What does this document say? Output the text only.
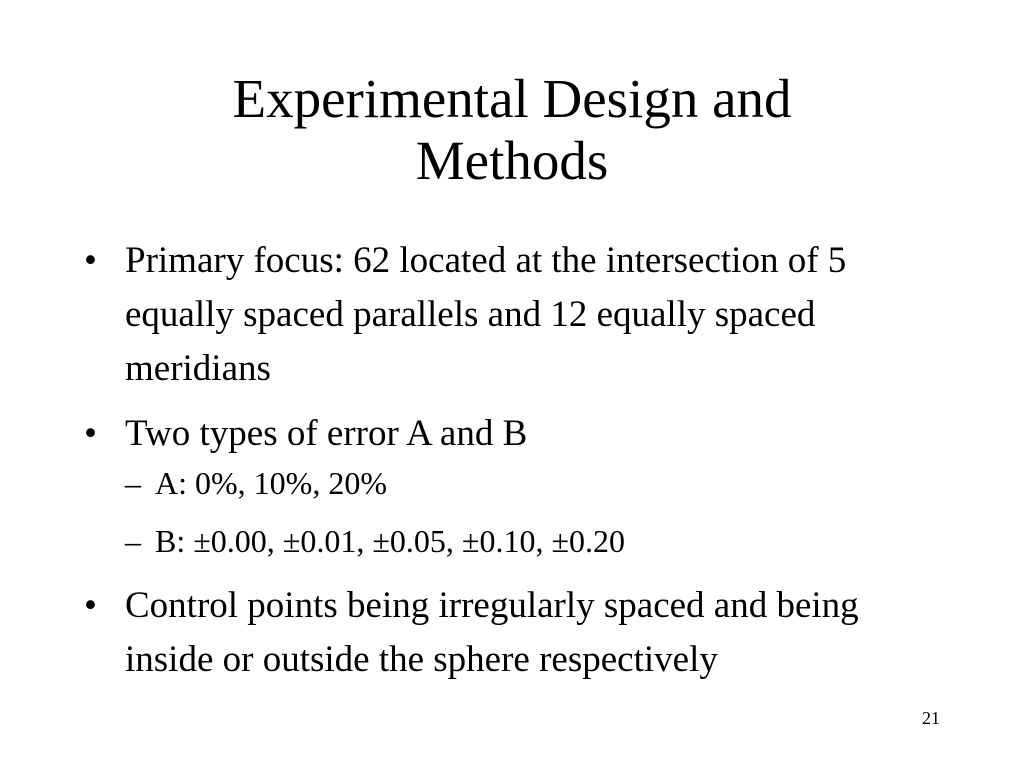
Experimental Design and
Methods
• Primary focus: 62 located at the intersection of 5 equally spaced parallels and 12 equally spaced meridians
• Two types of error A and B
– A: 0%, 10%, 20%
– B: ±0.00, ±0.01, ±0.05, ±0.10, ±0.20
• Control points being irregularly spaced and being inside or outside the sphere respectively
21
